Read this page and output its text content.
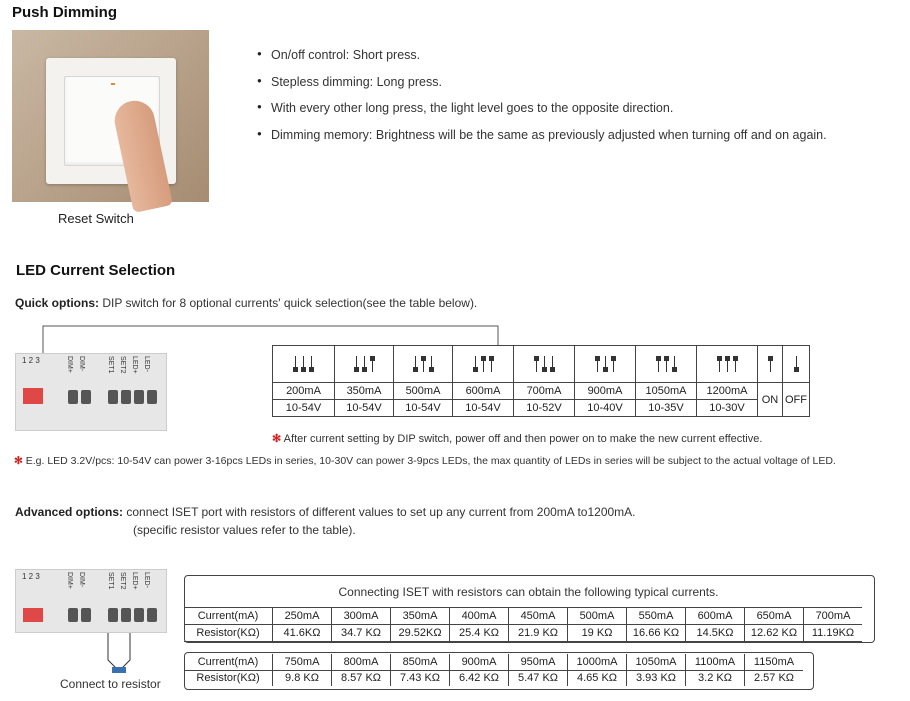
Push Dimming
Reset Switch
● On/off control: Short press.
● Stepless dimming: Long press.
● With every other long press, the light level goes to the opposite direction.
● Dimming memory: Brightness will be the same as previously adjusted when turning off and on again.
LED Current Selection
Quick options: DIP switch for 8 optional currents' quick selection(see the table below).
1 2 3	DIM+ DIM-	SET1 SET2 LED+ LED-

200mA	350mA	500mA	600mA	700mA	900mA	1050mA	1200mA	ON	OFF
10-54V	10-54V	10-54V	10-54V	10-52V	10-40V	10-35V	10-30V		
✻ After current setting by DIP switch, power off and then power on to make the new current effective.
✻ E.g. LED 3.2V/pcs: 10-54V can power 3-16pcs LEDs in series, 10-30V can power 3-9pcs LEDs, the max quantity of LEDs in series will be subject to the actual voltage of LED.
Advanced options: connect ISET port with resistors of different values to set up any current from 200mA to1200mA.
(specific resistor values refer to the table).
1 2 3	DIM+ DIM-	SET1 SET2 LED+ LED-
Connect to resistor
Connecting ISET with resistors can obtain the following typical currents.
Current(mA)	250mA	300mA	350mA	400mA	450mA	500mA	550mA	600mA	650mA	700mA
Resistor(KΩ)	41.6KΩ	34.7 KΩ	29.52KΩ	25.4 KΩ	21.9 KΩ	19 KΩ	16.66 KΩ	14.5KΩ	12.62 KΩ	11.19KΩ
Current(mA)	750mA	800mA	850mA	900mA	950mA	1000mA	1050mA	1100mA	1150mA
Resistor(KΩ)	9.8 KΩ	8.57 KΩ	7.43 KΩ	6.42 KΩ	5.47 KΩ	4.65 KΩ	3.93 KΩ	3.2 KΩ	2.57 KΩ
